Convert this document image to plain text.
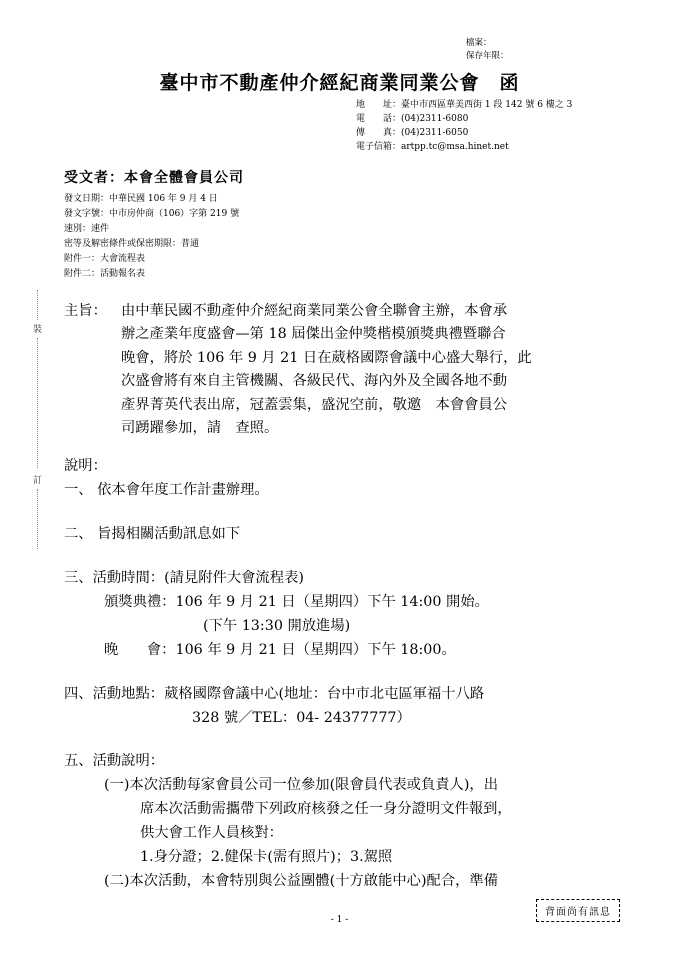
檔案：
保存年限：
臺中市不動產仲介經紀商業同業公會　函
地　　址：臺中市西區華美西街 1 段 142 號 6 樓之 3
電　　話：(04)2311-6080
傳　　真：(04)2311-6050
電子信箱：artpp.tc@msa.hinet.net
受文者：本會全體會員公司
發文日期：中華民國 106 年 9 月 4 日
發文字號：中市房仲商（106）字第 219 號
速別：速件
密等及解密條件或保密期限：普通
附件一：大會流程表
附件二：活動報名表
裝
訂
主旨： 由中華民國不動產仲介經紀商業同業公會全聯會主辦，本會承
辦之產業年度盛會—第 18 屆傑出金仲獎楷模頒獎典禮暨聯合
晚會，將於 106 年 9 月 21 日在葳格國際會議中心盛大舉行，此
次盛會將有來自主管機關、各級民代、海內外及全國各地不動
產界菁英代表出席，冠蓋雲集，盛況空前，敬邀　本會會員公
司踴躍參加，請　查照。
說明：
一、 依本會年度工作計畫辦理。
二、 旨揭相關活動訊息如下
三、活動時間：(請見附件大會流程表)
頒獎典禮：106 年 9 月 21 日（星期四）下午 14:00 開始。
(下午 13:30 開放進場)
晚　　會：106 年 9 月 21 日（星期四）下午 18:00。
四、活動地點：葳格國際會議中心(地址：台中市北屯區軍福十八路
328 號／TEL：04- 24377777）
五、活動說明：
(一)本次活動每家會員公司一位參加(限會員代表或負責人)，出
席本次活動需攜帶下列政府核發之任一身分證明文件報到，
供大會工作人員核對：
1.身分證；2.健保卡(需有照片)；3.駕照
(二)本次活動，本會特別與公益團體(十方啟能中心)配合，準備
- 1 -
背面尚有訊息
